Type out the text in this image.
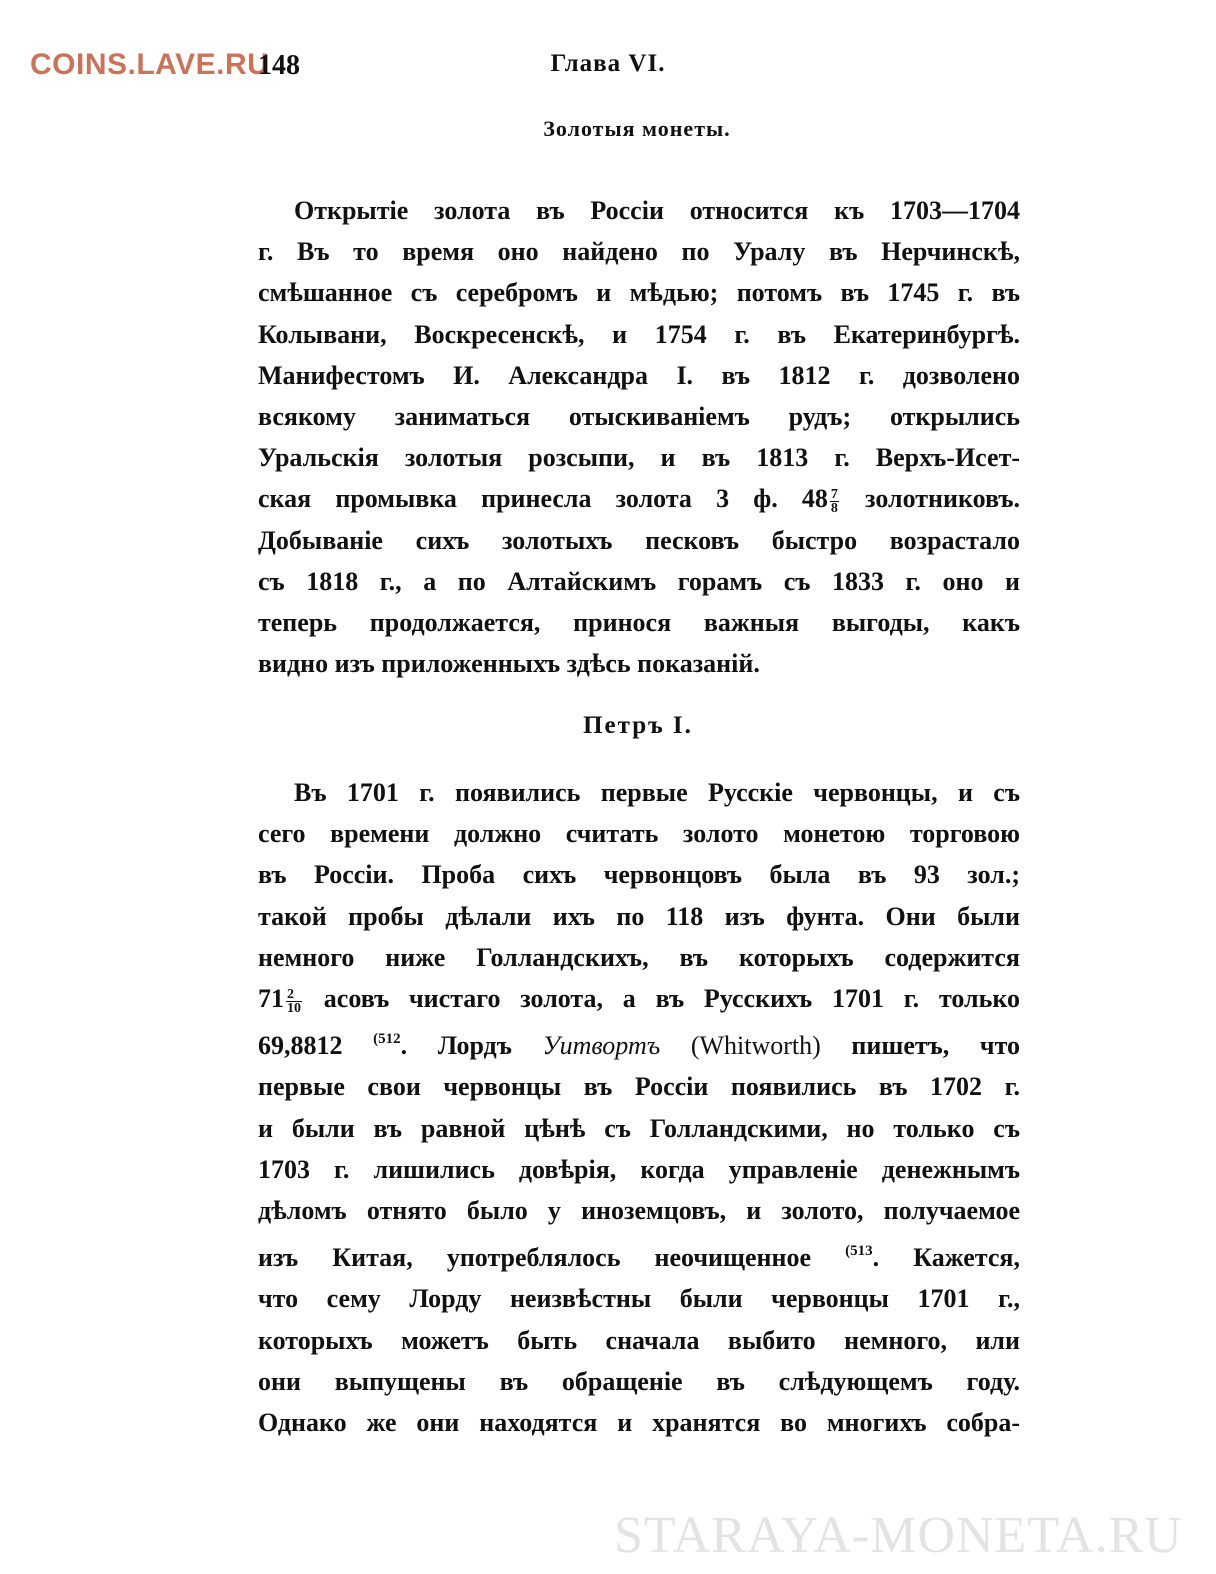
COINS.LAVE.RU
148	Глава VI.
Золотыя монеты.
Открытіе золота въ Россіи относится къ 1703—1704
г. Въ то время оно найдено по Уралу въ Нерчинскѣ,
смѣшанное съ серебромъ и мѣдью; потомъ въ 1745 г. въ
Колывани, Воскресенскѣ, и 1754 г. въ Екатеринбургѣ.
Манифестомъ И. Александра I. въ 1812 г. дозволено
всякому заниматься отыскиваніемъ рудъ; открылись
Уральскія золотыя розсыпи, и въ 1813 г. Верхъ-Исет-
ская промывка принесла золота 3 ф. $48 \frac{7}{8}$ золотниковъ.
Добываніе сихъ золотыхъ песковъ быстро возрастало
съ 1818 г., а по Алтайскимъ горамъ съ 1833 г. оно и
теперь продолжается, принося важныя выгоды, какъ
видно изъ приложенныхъ здѣсь показаній.
Петръ I.
Въ 1701 г. появились первые Русскіе червонцы, и съ
сего времени должно считать золото монетою торговою
въ Россіи. Проба сихъ червонцовъ была въ 93 зол.;
такой пробы дѣлали ихъ по 118 изъ фунта. Они были
немного ниже Голландскихъ, въ которыхъ содержится
$71 \frac{2}{10}$ асовъ чистаго золота, а въ Русскихъ 1701 г. только
69,8812 $^{(512}$. Лордъ Уитвортъ (Whitworth) пишетъ, что
первые свои червонцы въ Россіи появились въ 1702 г.
и были въ равной цѣнѣ съ Голландскими, но только съ
1703 г. лишились довѣрія, когда управленіе денежнымъ
дѣломъ отнято было у иноземцовъ, и золото, получаемое
изъ Китая, употреблялось неочищенное $^{(513}$. Кажется,
что сему Лорду неизвѣстны были червонцы 1701 г.,
которыхъ можетъ быть сначала выбито немного, или
они выпущены въ обращеніе въ слѣдующемъ году.
Однако же они находятся и хранятся во многихъ собра-
STARAYA-MONETA.RU
